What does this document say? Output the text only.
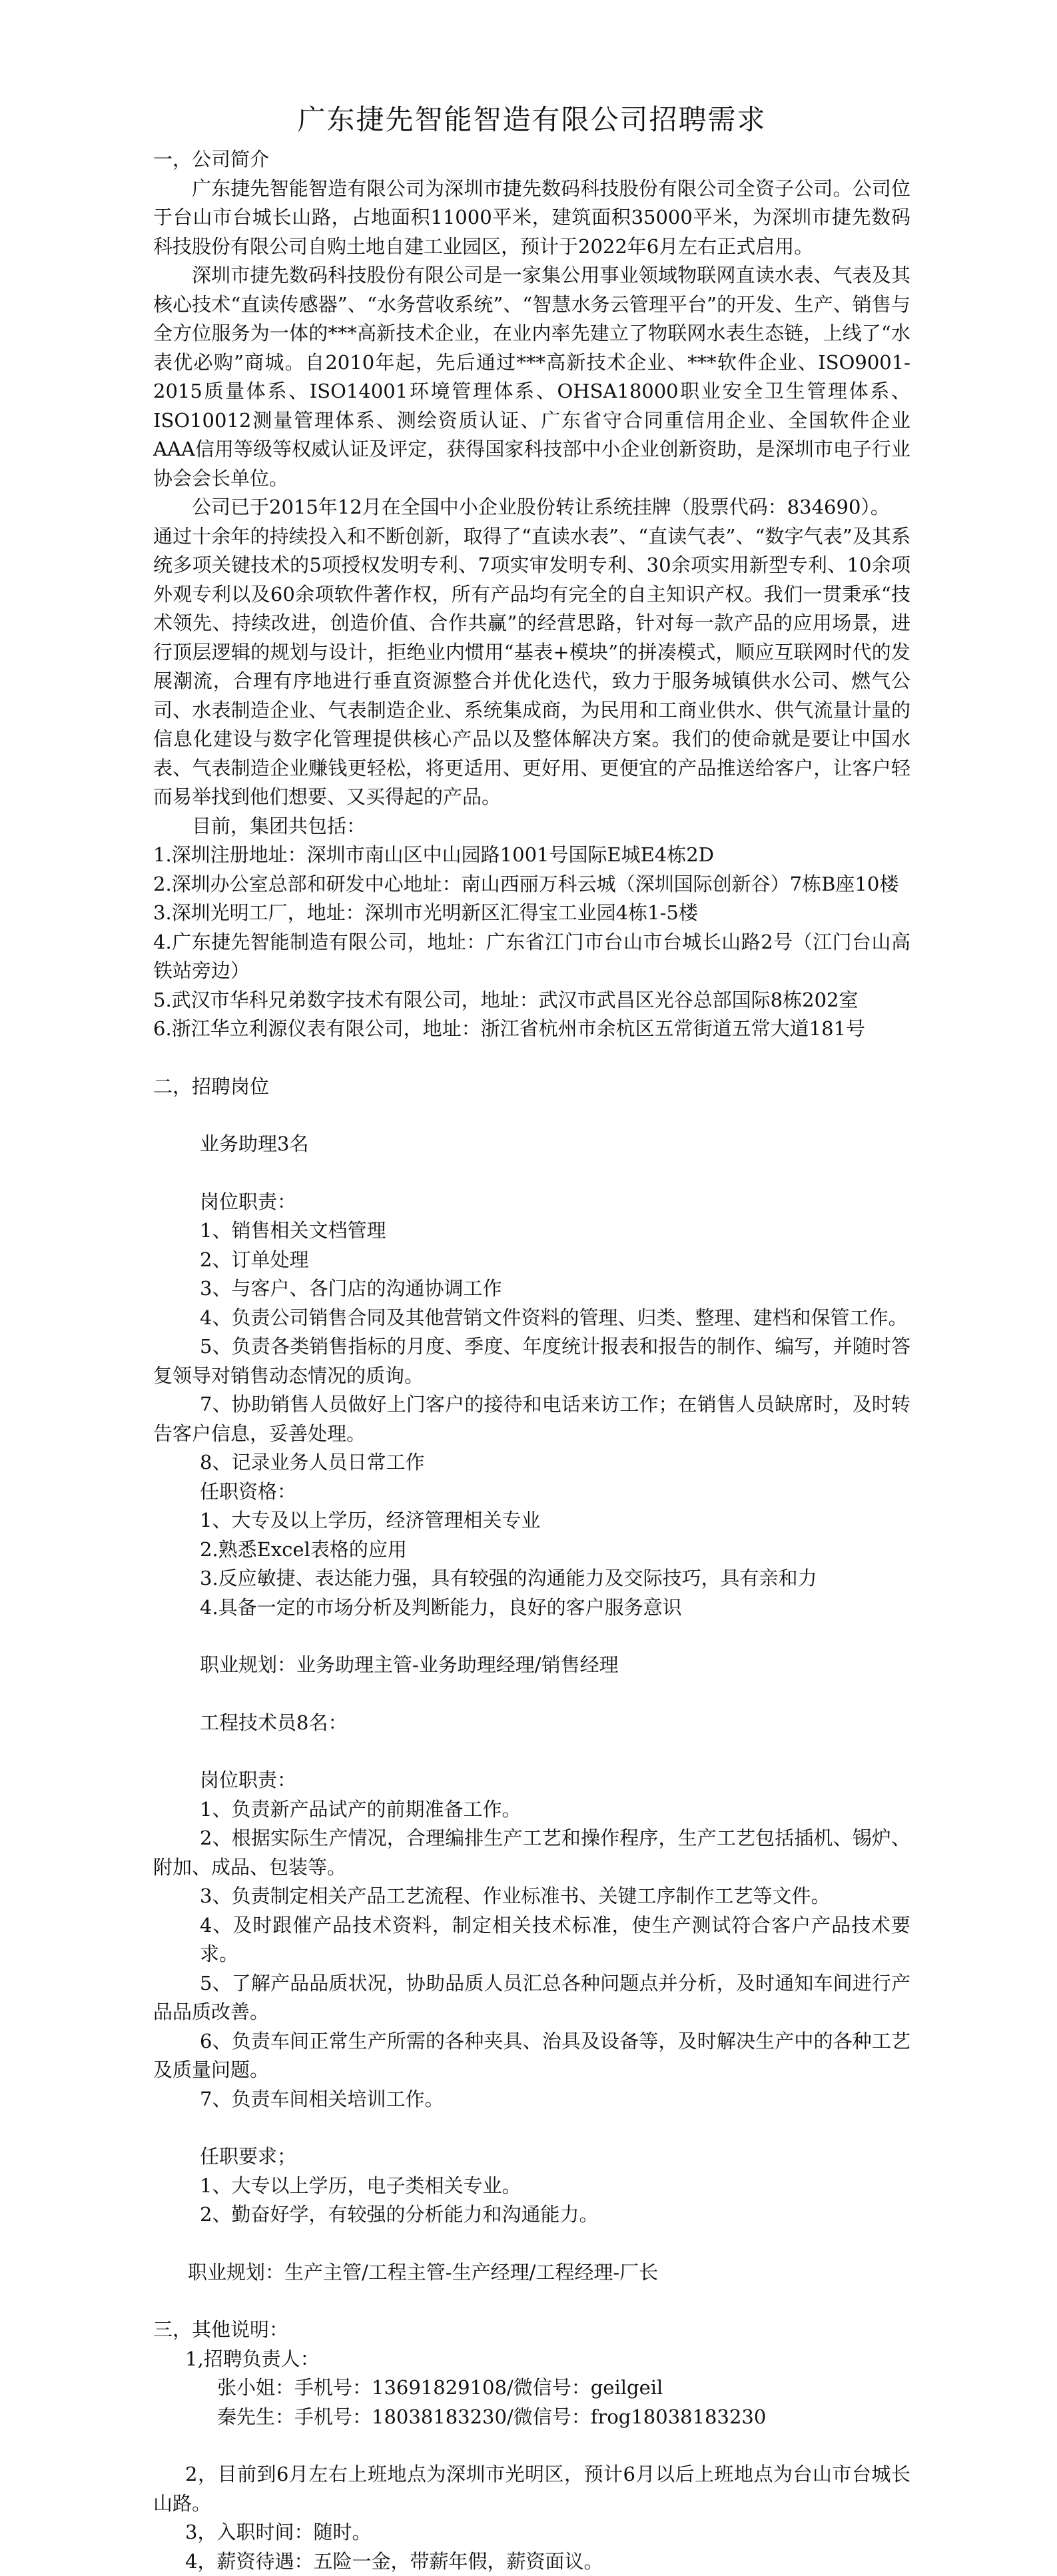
广东捷先智能智造有限公司招聘需求

一，公司简介

广东捷先智能智造有限公司为深圳市捷先数码科技股份有限公司全资子公司。公司位于台山市台城长山路，占地面积11000平米，建筑面积35000平米，为深圳市捷先数码科技股份有限公司自购土地自建工业园区，预计于2022年6月左右正式启用。

深圳市捷先数码科技股份有限公司是一家集公用事业领域物联网直读水表、气表及其核心技术“直读传感器”、“水务营收系统”、“智慧水务云管理平台”的开发、生产、销售与全方位服务为一体的***高新技术企业，在业内率先建立了物联网水表生态链，上线了“水表优必购”商城。自2010年起，先后通过***高新技术企业、***软件企业、ISO9001-2015质量体系、ISO14001环境管理体系、OHSA18000职业安全卫生管理体系、ISO10012测量管理体系、测绘资质认证、广东省守合同重信用企业、全国软件企业AAA信用等级等权威认证及评定，获得国家科技部中小企业创新资助，是深圳市电子行业协会会长单位。

公司已于2015年12月在全国中小企业股份转让系统挂牌（股票代码：834690）。

通过十余年的持续投入和不断创新，取得了“直读水表”、“直读气表”、“数字气表”及其系统多项关键技术的5项授权发明专利、7项实审发明专利、30余项实用新型专利、10余项外观专利以及60余项软件著作权，所有产品均有完全的自主知识产权。我们一贯秉承“技术领先、持续改进，创造价值、合作共赢”的经营思路，针对每一款产品的应用场景，进行顶层逻辑的规划与设计，拒绝业内惯用“基表+模块”的拼凑模式，顺应互联网时代的发展潮流，合理有序地进行垂直资源整合并优化迭代，致力于服务城镇供水公司、燃气公司、水表制造企业、气表制造企业、系统集成商，为民用和工商业供水、供气流量计量的信息化建设与数字化管理提供核心产品以及整体解决方案。我们的使命就是要让中国水表、气表制造企业赚钱更轻松，将更适用、更好用、更便宜的产品推送给客户，让客户轻而易举找到他们想要、又买得起的产品。

目前，集团共包括：

1.深圳注册地址：深圳市南山区中山园路1001号国际E城E4栋2D

2.深圳办公室总部和研发中心地址：南山西丽万科云城（深圳国际创新谷）7栋B座10楼

3.深圳光明工厂，地址：深圳市光明新区汇得宝工业园4栋1-5楼

4.广东捷先智能制造有限公司，地址：广东省江门市台山市台城长山路2号（江门台山高铁站旁边）

5.武汉市华科兄弟数字技术有限公司，地址：武汉市武昌区光谷总部国际8栋202室

6.浙江华立利源仪表有限公司，地址：浙江省杭州市余杭区五常街道五常大道181号

二，招聘岗位

业务助理3名

岗位职责：

1、销售相关文档管理

2、订单处理

3、与客户、各门店的沟通协调工作

4、负责公司销售合同及其他营销文件资料的管理、归类、整理、建档和保管工作。

5、负责各类销售指标的月度、季度、年度统计报表和报告的制作、编写，并随时答复领导对销售动态情况的质询。

7、协助销售人员做好上门客户的接待和电话来访工作；在销售人员缺席时，及时转告客户信息，妥善处理。

8、记录业务人员日常工作

任职资格：

1、大专及以上学历，经济管理相关专业

2.熟悉Excel表格的应用

3.反应敏捷、表达能力强，具有较强的沟通能力及交际技巧，具有亲和力

4.具备一定的市场分析及判断能力，良好的客户服务意识

职业规划：业务助理主管-业务助理经理/销售经理

工程技术员8名：

岗位职责：

1、负责新产品试产的前期准备工作。

2、根据实际生产情况，合理编排生产工艺和操作程序，生产工艺包括插机、锡炉、附加、成品、包装等。

3、负责制定相关产品工艺流程、作业标准书、关键工序制作工艺等文件。

4、及时跟催产品技术资料，制定相关技术标准，使生产测试符合客户产品技术要求。

5、了解产品品质状况，协助品质人员汇总各种问题点并分析，及时通知车间进行产品品质改善。

6、负责车间正常生产所需的各种夹具、治具及设备等，及时解决生产中的各种工艺及质量问题。

7、负责车间相关培训工作。

任职要求；

1、大专以上学历，电子类相关专业。

2、勤奋好学，有较强的分析能力和沟通能力。

职业规划：生产主管/工程主管-生产经理/工程经理-厂长

三，其他说明：

1,招聘负责人：

张小姐：手机号：13691829108/微信号：geilgeil

秦先生：手机号：18038183230/微信号：frog18038183230

2，目前到6月左右上班地点为深圳市光明区，预计6月以后上班地点为台山市台城长山路。

3，入职时间：随时。

4，薪资待遇：五险一金，带薪年假，薪资面议。
